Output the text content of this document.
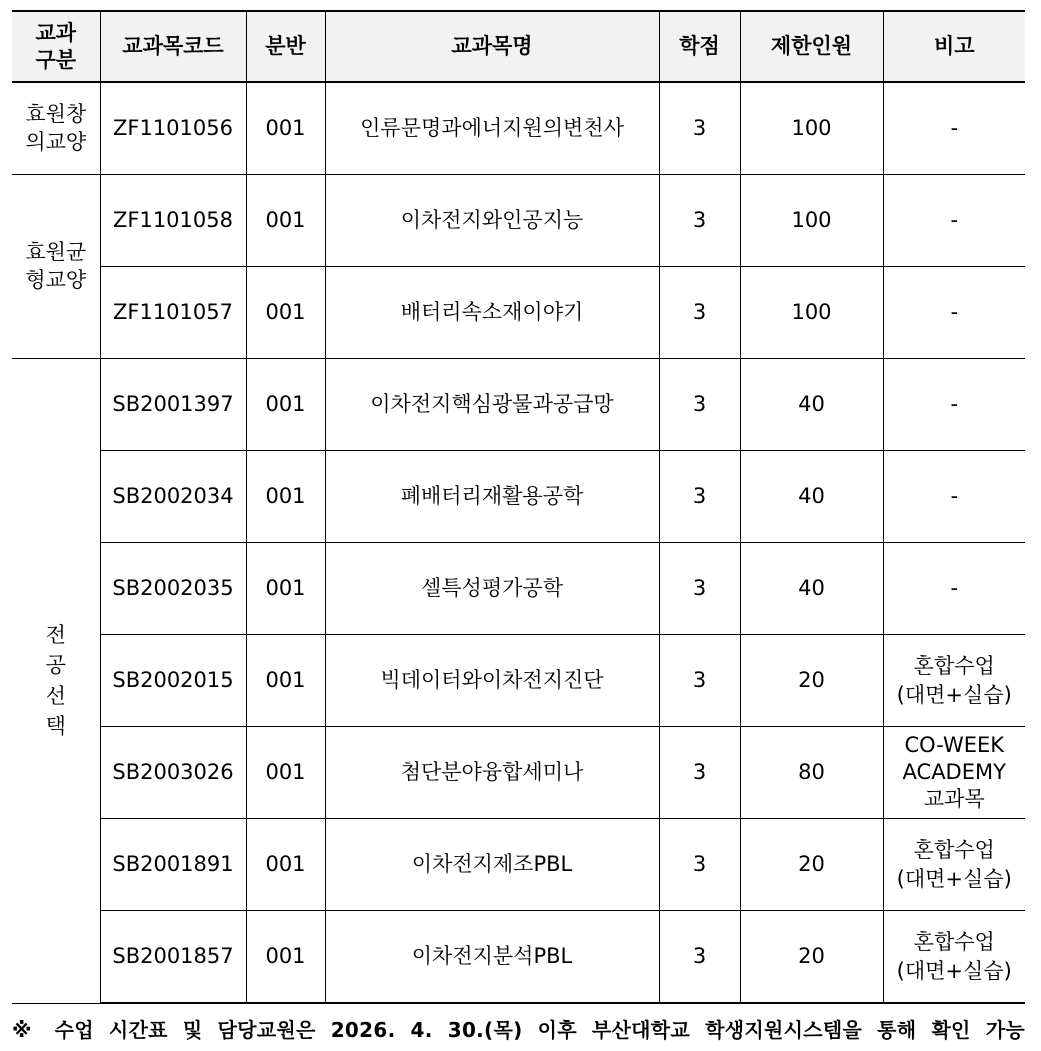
교과
구분	교과목코드	분반	교과목명	학점	제한인원	비고
효원창
의교양	ZF1101056	001	인류문명과에너지원의변천사	3	100	-
효원균
형교양	ZF1101058	001	이차전지와인공지능	3	100	-
	ZF1101057	001	배터리속소재이야기	3	100	-
전공선택	SB2001397	001	이차전지핵심광물과공급망	3	40	-
	SB2002034	001	폐배터리재활용공학	3	40	-
	SB2002035	001	셀특성평가공학	3	40	-
	SB2002015	001	빅데이터와이차전지진단	3	20	혼합수업
(대면+실습)
	SB2003026	001	첨단분야융합세미나	3	80	CO-WEEK
ACADEMY
교과목
	SB2001891	001	이차전지제조PBL	3	20	혼합수업
(대면+실습)
	SB2001857	001	이차전지분석PBL	3	20	혼합수업
(대면+실습)
※ 수업 시간표 및 담당교원은 2026. 4. 30.(목) 이후 부산대학교 학생지원시스템을 통해 확인 가능
